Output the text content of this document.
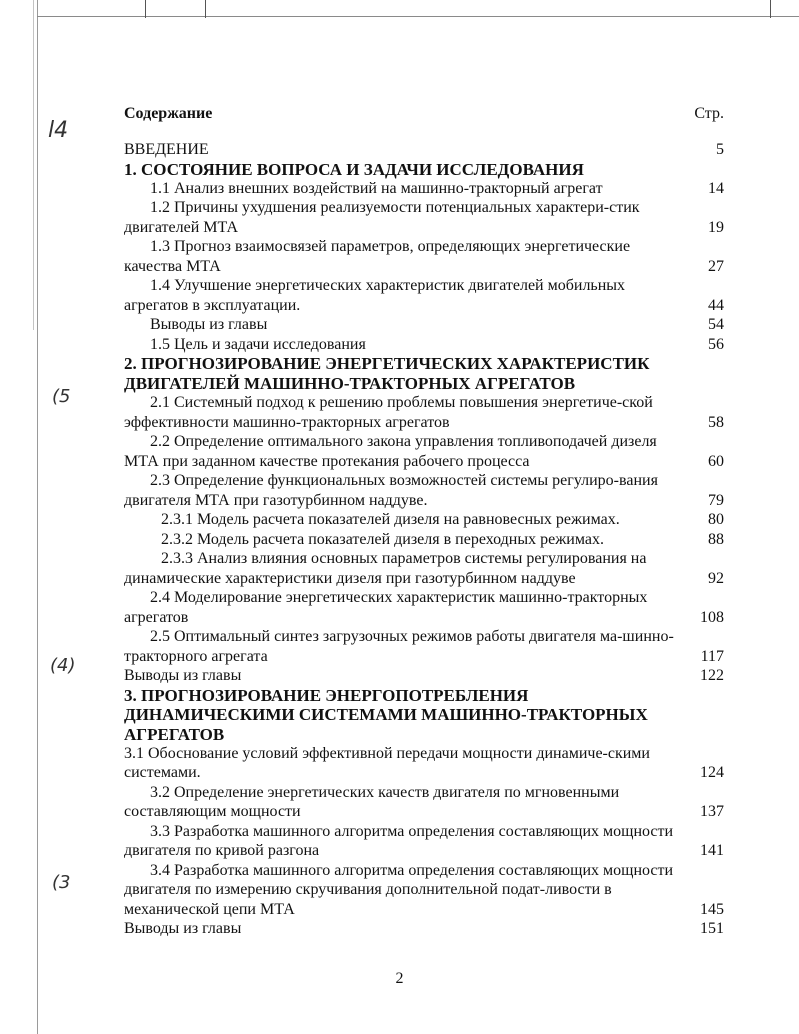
l4
(5
(4)
(3
Содержание	Стр.
ВВЕДЕНИЕ	5
1. СОСТОЯНИЕ ВОПРОСА И ЗАДАЧИ ИССЛЕДОВАНИЯ
1.1 Анализ внешних воздействий на машинно-тракторный агрегат	14
1.2 Причины ухудшения реализуемости потенциальных характери-стик двигателей МТА	19
1.3 Прогноз взаимосвязей параметров, определяющих энергетические качества МТА	27
1.4 Улучшение энергетических характеристик двигателей мобильных агрегатов в эксплуатации.	44
Выводы из главы	54
1.5 Цель и задачи исследования	56
2. ПРОГНОЗИРОВАНИЕ ЭНЕРГЕТИЧЕСКИХ ХАРАКТЕРИСТИК ДВИГАТЕЛЕЙ МАШИННО-ТРАКТОРНЫХ АГРЕГАТОВ
2.1 Системный подход к решению проблемы повышения энергетиче-ской эффективности машинно-тракторных агрегатов	58
2.2 Определение оптимального закона управления топливоподачей дизеля МТА при заданном качестве протекания рабочего процесса	60
2.3 Определение функциональных возможностей системы регулиро-вания двигателя МТА при газотурбинном наддуве.	79
2.3.1 Модель расчета показателей дизеля на равновесных режимах.	80
2.3.2 Модель расчета показателей дизеля в переходных режимах.	88
2.3.3 Анализ влияния основных параметров системы регулирования на динамические характеристики дизеля при газотурбинном наддуве	92
2.4 Моделирование энергетических характеристик машинно-тракторных агрегатов	108
2.5 Оптимальный синтез загрузочных режимов работы двигателя ма-шинно-тракторного агрегата	117
Выводы из главы	122
3. ПРОГНОЗИРОВАНИЕ ЭНЕРГОПОТРЕБЛЕНИЯ ДИНАМИЧЕСКИМИ СИСТЕМАМИ МАШИННО-ТРАКТОРНЫХ АГРЕГАТОВ
3.1 Обоснование условий эффективной передачи мощности динамиче-скими системами.	124
3.2 Определение энергетических качеств двигателя по мгновенными составляющим мощности	137
3.3 Разработка машинного алгоритма определения составляющих мощности двигателя по кривой разгона	141
3.4 Разработка машинного алгоритма определения составляющих мощности двигателя по измерению скручивания дополнительной подат-ливости в механической цепи МТА	145
Выводы из главы	151
2
